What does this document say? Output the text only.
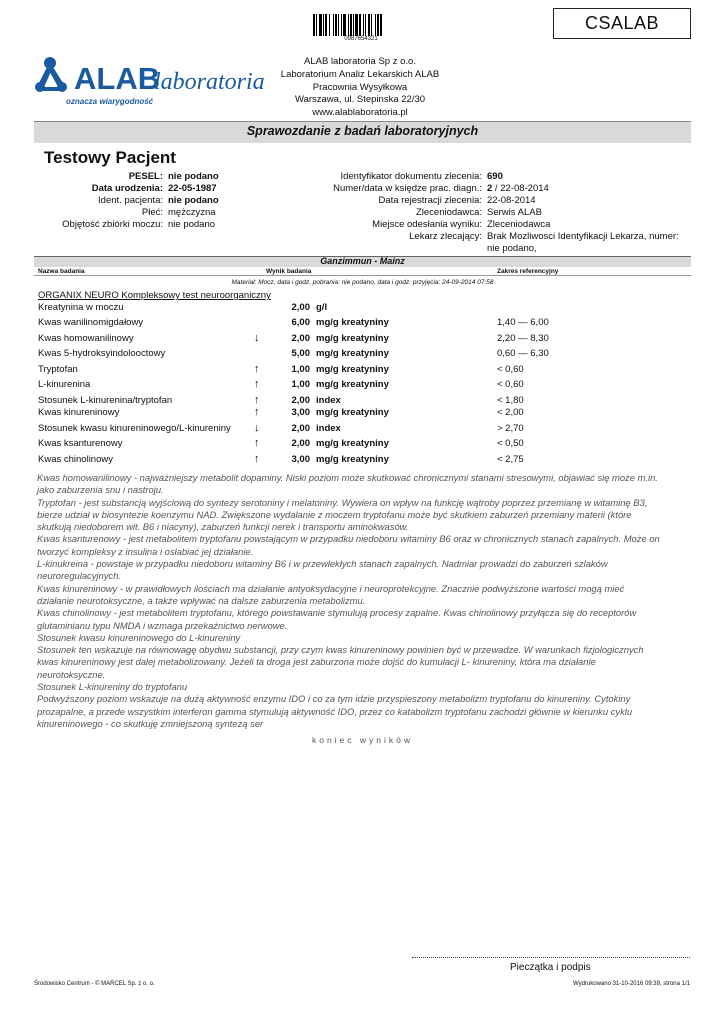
0987654321
CSALAB
ALAB
laboratoria
oznacza wiarygodność
ALAB laboratoria Sp z o.o.
Laboratorium Analiz Lekarskich ALAB
Pracownia Wysyłkowa
Warszawa, ul. Stepinska 22/30
www.alablaboratoria.pl
Sprawozdanie z badań laboratoryjnych
Testowy Pacjent
PESEL: nie podano
Data urodzenia: 22-05-1987
Ident. pacjenta: nie podano
Płeć: mężczyzna
Objętość zbiórki moczu: nie podano
Identyfikator dokumentu zlecenia: 690
Numer/data w księdze prac. diagn.: 2 / 22-08-2014
Data rejestracji zlecenia: 22-08-2014
Zleceniodawca: Serwis ALAB
Miejsce odesłania wyniku: Zleceniodawca
Lekarz zlecający: Brak Mozliwosci Identyfikacji Lekarza, numer:
nie podano,
Ganzimmun - Mainz
Nazwa badania	Wynik badania	Zakres referencyjny
Materiał: Mocz, data i godz. pobrania: nie podano, data i godz. przyjęcia: 24-09-2014 07:58
ORGANIX NEURO Kompleksowy test neuroorganiczny
Kreatynina w moczu	2,00 g/l
Kwas wanilinomigdałowy	6,00 mg/g kreatyniny	1,40 — 6,00
Kwas homowanilinowy	↓	2,00 mg/g kreatyniny	2,20 — 8,30
Kwas 5-hydroksyindolooctowy	5,00 mg/g kreatyniny	0,60 — 6,30
Tryptofan	↑	1,00 mg/g kreatyniny	< 0,60
L-kinurenina	↑	1,00 mg/g kreatyniny	< 0,60
Stosunek L-kinurenina/tryptofan	↑	2,00 index	< 1,80
Kwas kinureninowy	↑	3,00 mg/g kreatyniny	< 2,00
Stosunek kwasu kinureninowego/L-kinureniny ↓	2,00 index	> 2,70
Kwas ksanturenowy	↑	2,00 mg/g kreatyniny	< 0,50
Kwas chinolinowy	↑	3,00 mg/g kreatyniny	< 2,75

Kwas homowanilinowy - najważniejszy metabolit dopaminy. Niski poziom może skutkować chronicznymi stanami stresowymi, objawiać się może m.in.

jako zaburzenia snu i nastroju.

Tryptofan - jest substancją wyjściową do syntezy serotoniny i melatoniny. Wywiera on wpływ na funkcję wątroby poprzez przemianę w witaminę B3,

bierze udział w biosyntezie koenzymu NAD. Zwiększone wydalanie z moczem tryptofanu może być skutkiem zaburzeń przemiany materii (które

skutkują niedoborem wit. B6 i niacyny), zaburzeń funkcji nerek i transportu aminokwasów.

Kwas ksanturenowy - jest metabolitem tryptofanu powstającym w przypadku niedoboru witaminy B6 oraz w chronicznych stanach zapalnych. Może on

tworzyć kompleksy z insulina i osłabiać jej działanie.

L-kinukreina - powstaje w przypadku niedoboru witaminy B6 i w przewlekłych stanach zapalnych. Nadmiar prowadzi do zaburzeń szlaków

neuroregulacyjnych.

Kwas kinureninowy - w prawidłowych ilościach ma działanie antyoksydacyjne i neuroprotekcyjne. Znacznie podwyższone wartości mogą mieć

działanie neurotoksyczne, a także wpływać na dalsze zaburzenia metabolizmu.

Kwas chinolinowy - jest metabolitem tryptofanu, którego powstawanie stymulują procesy zapalne. Kwas chinolinowy przyłącza się do receptorów

glutaminianu typu NMDA i wzmaga przekaźnictwo nerwowe.

Stosunek kwasu kinureninowego do L-kinureniny

Stosunek ten wskazuje na równowagę obydwu substancji, przy czym kwas kinureninowy powinien być w przewadze. W warunkach fizjologicznych

kwas kinureninowy jest dalej metabolizowany. Jeżeli ta droga jest zaburzona może dojść do kumulacji L- kinureniny, która ma działanie

neurotoksyczne.

Stosunek L-kinureniny do tryptofanu

Podwyższony poziom wskazuje na dużą aktywność enzymu IDO i co za tym idzie przyspieszony metabolizm tryptofanu do kinureniny. Cytokiny

prozapalne, a przede wszystkim interferon gamma stymulują aktywność IDO, przez co katabolizm tryptofanu zachodzi głównie w kierunku cyklu

kinureninowego - co skutkuję zmniejszoną syntezą ser

koniec wyników
Pieczątka i podpis
Środowisko Centrum - © MARCEL Sp. z o. o.	Wydrukowano 31-10-2016 09:39, strona 1/1
